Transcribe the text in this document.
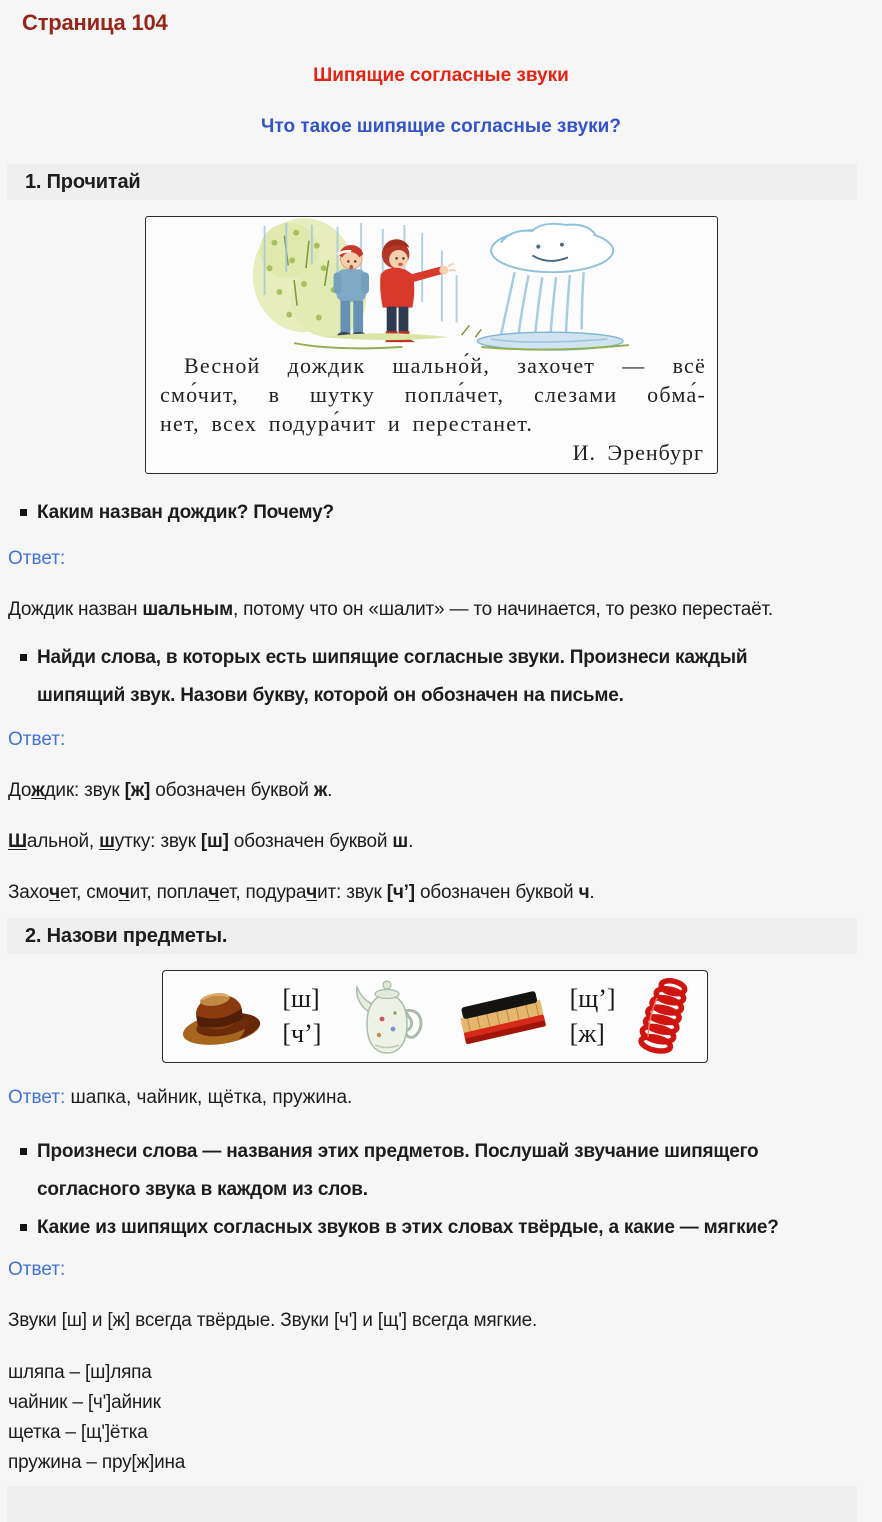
Страница 104
Шипящие согласные звуки
Что такое шипящие согласные звуки?
1. Прочитай
Весной дождик шально́й, захочет — всё
смо́чит, в шутку попла́чет, слезами обма́-
нет, всех подура́чит и перестанет.
И. Эренбург
Каким назван дождик? Почему?

Ответ:

Дождик назван шальным, потому что он «шалит» — то начинается, то резко перестаёт.

Найди слова, в которых есть шипящие согласные звуки. Произнеси каждый шипящий звук. Назови букву, которой он обозначен на письме.

Ответ:

Дождик: звук [ж] обозначен буквой ж.

Шальной, шутку: звук [ш] обозначен буквой ш.

Захочет, смочит, поплачет, подурачит: звук [ч’] обозначен буквой ч.

2. Назови предметы.
[ш]
[ч’]
[щ’]
[ж]

Ответ: шапка, чайник, щётка, пружина.

Произнеси слова — названия этих предметов. Послушай звучание шипящего согласного звука в каждом из слов.
Какие из шипящих согласных звуков в этих словах твёрдые, а какие — мягкие?

Ответ:

Звуки [ш] и [ж] всегда твёрдые. Звуки [ч'] и [щ'] всегда мягкие.

шляпа – [ш]ляпа
чайник – [ч']айник
щетка – [щ']ётка
пружина – пру[ж]ина
